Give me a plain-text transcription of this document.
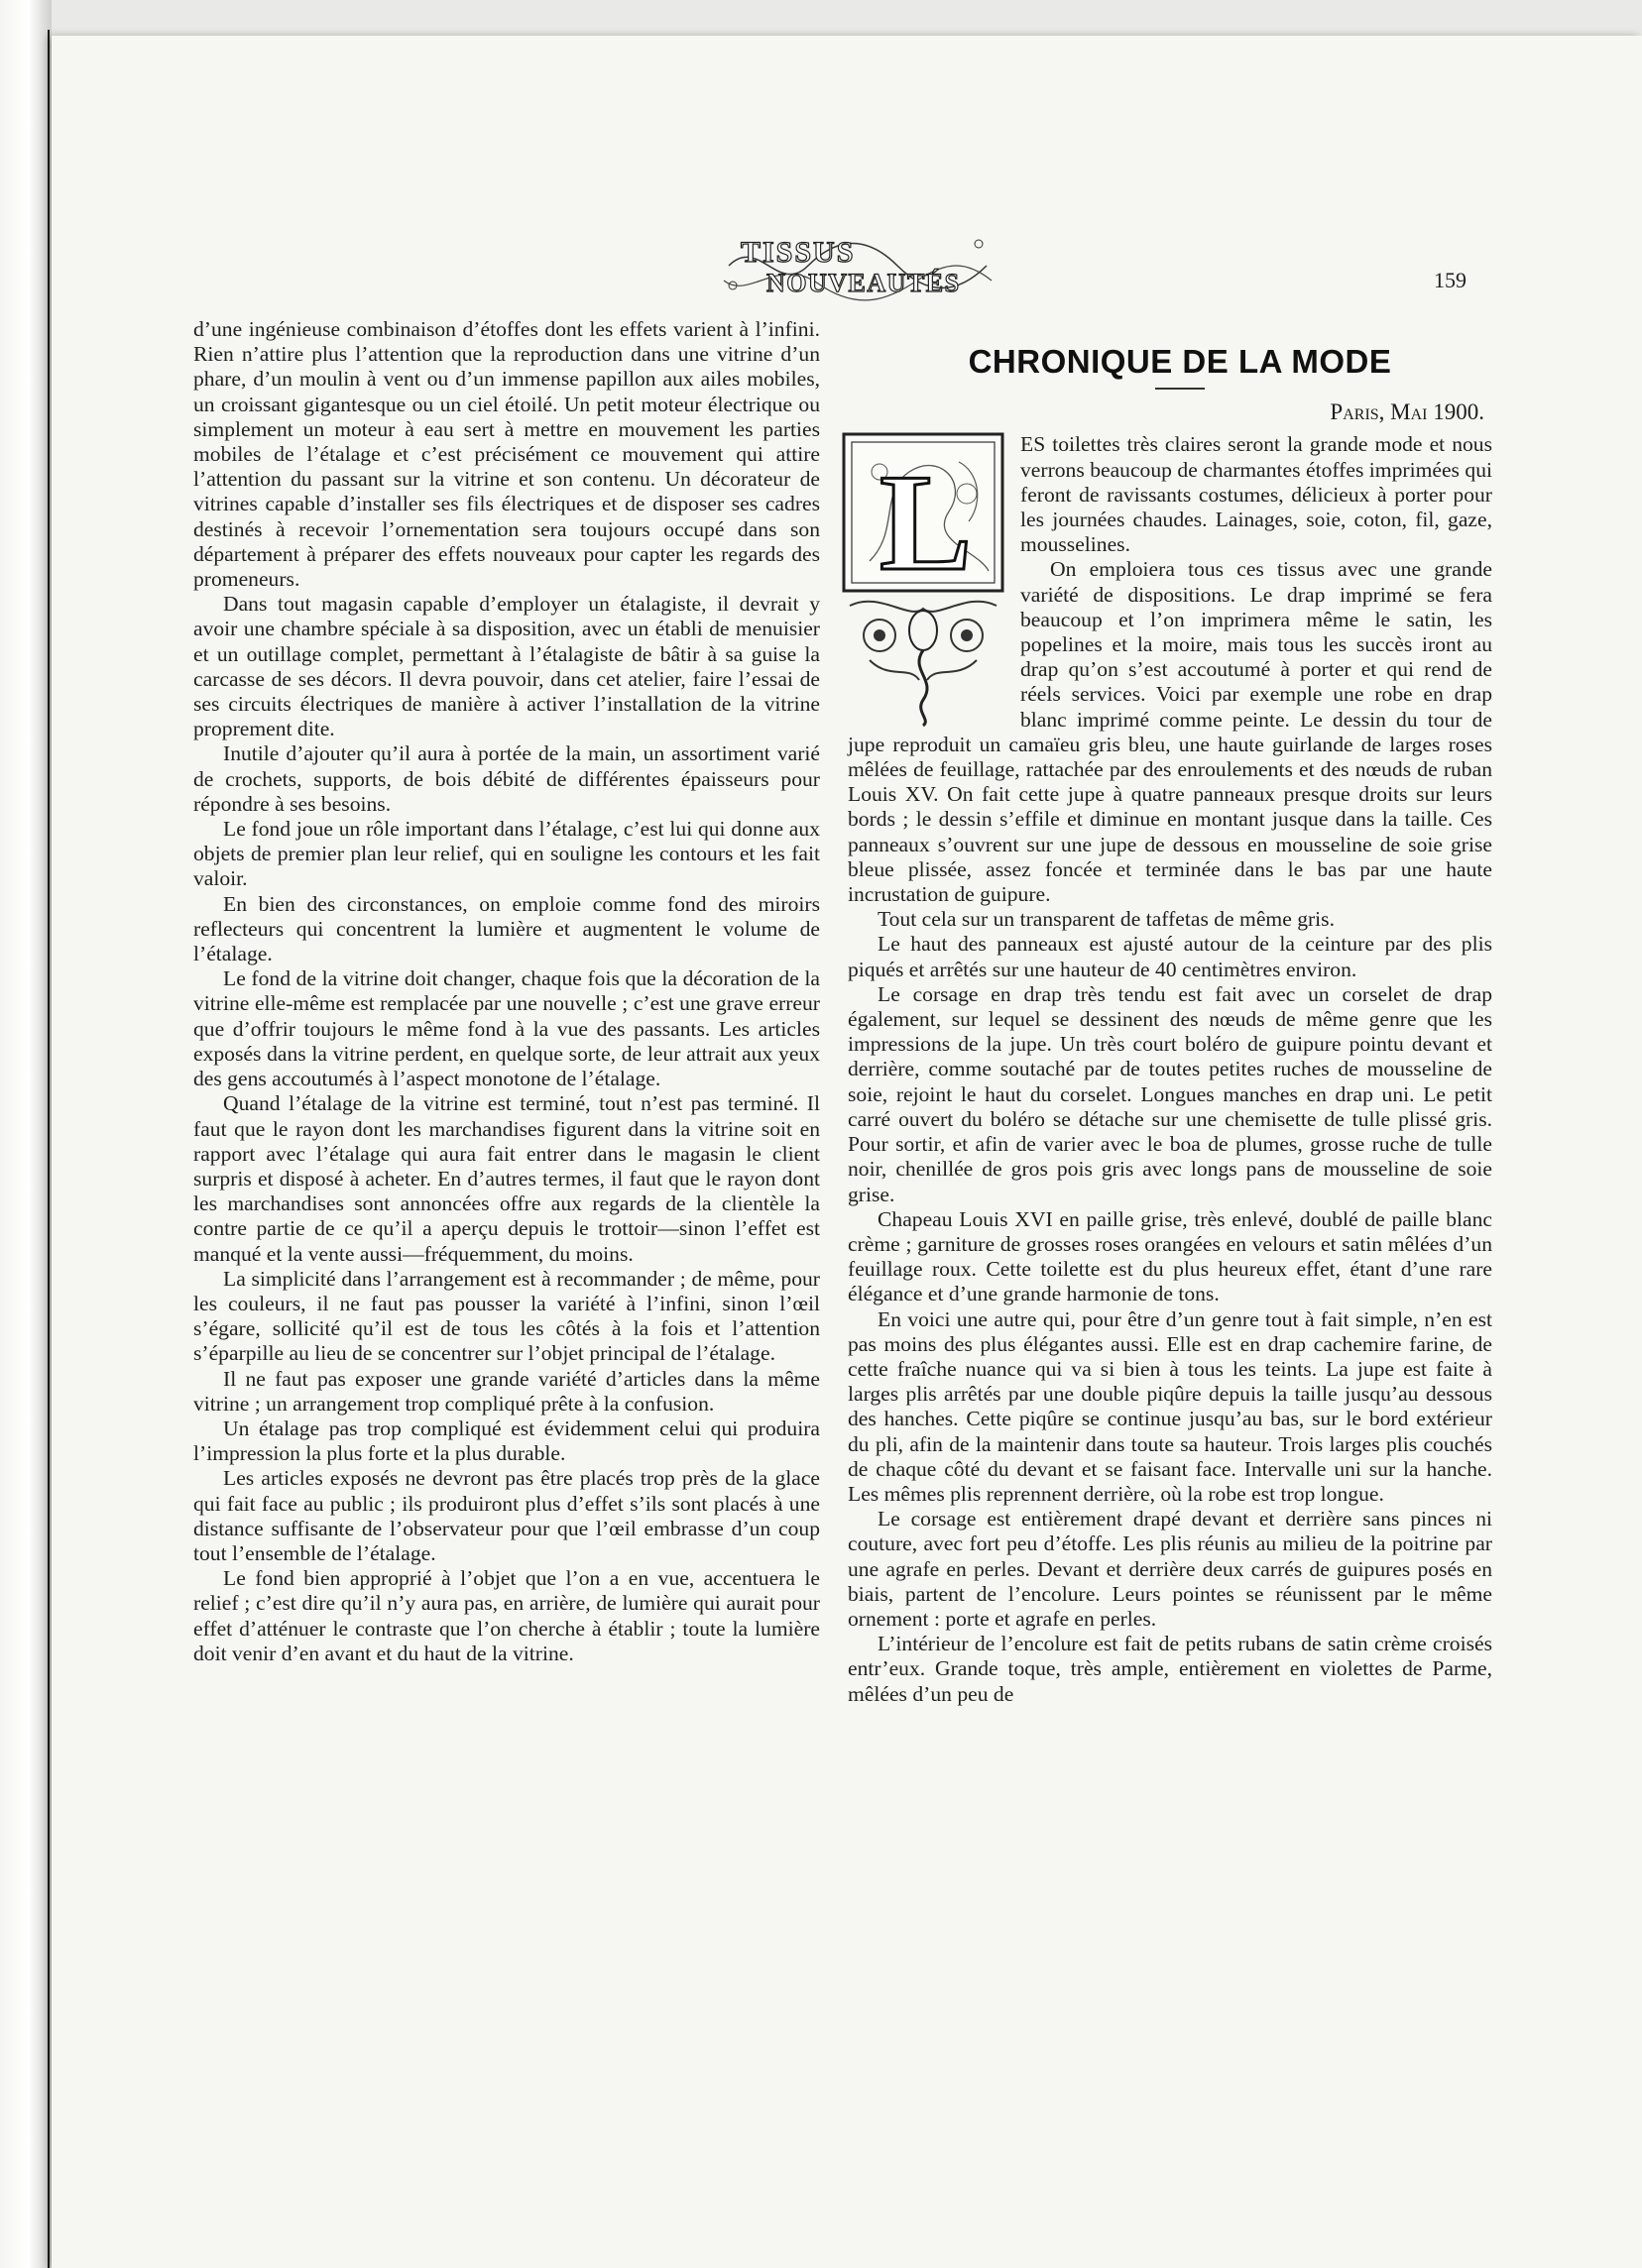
TISSUS
NOUVEAUTÉS	159

d’une ingénieuse combinaison d’étoffes dont les effets varient à l’infini. Rien n’attire plus l’attention que la reproduction dans une vitrine d’un phare, d’un moulin à vent ou d’un immense papillon aux ailes mobiles, un croissant gigantesque ou un ciel étoilé. Un petit moteur électrique ou simplement un moteur à eau sert à mettre en mouvement les parties mobiles de l’étalage et c’est précisément ce mouvement qui attire l’attention du passant sur la vitrine et son contenu. Un décorateur de vitrines capable d’installer ses fils électriques et de disposer ses cadres destinés à recevoir l’ornementation sera toujours occupé dans son département à préparer des effets nouveaux pour capter les regards des promeneurs.

Dans tout magasin capable d’employer un étalagiste, il devrait y avoir une chambre spéciale à sa disposition, avec un établi de menuisier et un outillage complet, permettant à l’étalagiste de bâtir à sa guise la carcasse de ses décors. Il devra pouvoir, dans cet atelier, faire l’essai de ses circuits électriques de manière à activer l’installation de la vitrine proprement dite.

Inutile d’ajouter qu’il aura à portée de la main, un assortiment varié de crochets, supports, de bois débité de différentes épaisseurs pour répondre à ses besoins.

Le fond joue un rôle important dans l’étalage, c’est lui qui donne aux objets de premier plan leur relief, qui en souligne les contours et les fait valoir.

En bien des circonstances, on emploie comme fond des miroirs reflecteurs qui concentrent la lumière et augmentent le volume de l’étalage.

Le fond de la vitrine doit changer, chaque fois que la décoration de la vitrine elle-même est remplacée par une nouvelle ; c’est une grave erreur que d’offrir toujours le même fond à la vue des passants. Les articles exposés dans la vitrine perdent, en quelque sorte, de leur attrait aux yeux des gens accoutumés à l’aspect monotone de l’étalage.

Quand l’étalage de la vitrine est terminé, tout n’est pas terminé. Il faut que le rayon dont les marchandises figurent dans la vitrine soit en rapport avec l’étalage qui aura fait entrer dans le magasin le client surpris et disposé à acheter. En d’autres termes, il faut que le rayon dont les marchandises sont annoncées offre aux regards de la clientèle la contre partie de ce qu’il a aperçu depuis le trottoir—sinon l’effet est manqué et la vente aussi—fréquemment, du moins.

La simplicité dans l’arrangement est à recommander ; de même, pour les couleurs, il ne faut pas pousser la variété à l’infini, sinon l’œil s’égare, sollicité qu’il est de tous les côtés à la fois et l’attention s’éparpille au lieu de se concentrer sur l’objet principal de l’étalage.

Il ne faut pas exposer une grande variété d’articles dans la même vitrine ; un arrangement trop compliqué prête à la confusion.

Un étalage pas trop compliqué est évidemment celui qui produira l’impression la plus forte et la plus durable.

Les articles exposés ne devront pas être placés trop près de la glace qui fait face au public ; ils produiront plus d’effet s’ils sont placés à une distance suffisante de l’observateur pour que l’œil embrasse d’un coup tout l’ensemble de l’étalage.

Le fond bien approprié à l’objet que l’on a en vue, accentuera le relief ; c’est dire qu’il n’y aura pas, en arrière, de lumière qui aurait pour effet d’atténuer le contraste que l’on cherche à établir ; toute la lumière doit venir d’en avant et du haut de la vitrine.

CHRONIQUE DE LA MODE
Paris, Mai 1900.
L

ES toilettes très claires seront la grande mode et nous verrons beaucoup de charmantes étoffes imprimées qui feront de ravissants costumes, délicieux à porter pour les journées chaudes. Lainages, soie, coton, fil, gaze, mousselines.

On emploiera tous ces tissus avec une grande variété de dispositions. Le drap imprimé se fera beaucoup et l’on imprimera même le satin, les popelines et la moire, mais tous les succès iront au drap qu’on s’est accoutumé à porter et qui rend de réels services. Voici par exemple une robe en drap blanc imprimé comme peinte. Le dessin du tour de jupe reproduit un camaïeu gris bleu, une haute guirlande de larges roses mêlées de feuillage, rattachée par des enroulements et des nœuds de ruban Louis XV. On fait cette jupe à quatre panneaux presque droits sur leurs bords ; le dessin s’effile et diminue en montant jusque dans la taille. Ces panneaux s’ouvrent sur une jupe de dessous en mousseline de soie grise bleue plissée, assez foncée et terminée dans le bas par une haute incrustation de guipure.

Tout cela sur un transparent de taffetas de même gris.

Le haut des panneaux est ajusté autour de la ceinture par des plis piqués et arrêtés sur une hauteur de 40 centimètres environ.

Le corsage en drap très tendu est fait avec un corselet de drap également, sur lequel se dessinent des nœuds de même genre que les impressions de la jupe. Un très court boléro de guipure pointu devant et derrière, comme soutaché par de toutes petites ruches de mousseline de soie, rejoint le haut du corselet. Longues manches en drap uni. Le petit carré ouvert du boléro se détache sur une chemisette de tulle plissé gris. Pour sortir, et afin de varier avec le boa de plumes, grosse ruche de tulle noir, chenillée de gros pois gris avec longs pans de mousseline de soie grise.

Chapeau Louis XVI en paille grise, très enlevé, doublé de paille blanc crème ; garniture de grosses roses orangées en velours et satin mêlées d’un feuillage roux. Cette toilette est du plus heureux effet, étant d’une rare élégance et d’une grande harmonie de tons.

En voici une autre qui, pour être d’un genre tout à fait simple, n’en est pas moins des plus élégantes aussi. Elle est en drap cachemire farine, de cette fraîche nuance qui va si bien à tous les teints. La jupe est faite à larges plis arrêtés par une double piqûre depuis la taille jusqu’au dessous des hanches. Cette piqûre se continue jusqu’au bas, sur le bord extérieur du pli, afin de la maintenir dans toute sa hauteur. Trois larges plis couchés de chaque côté du devant et se faisant face. Intervalle uni sur la hanche. Les mêmes plis reprennent derrière, où la robe est trop longue.

Le corsage est entièrement drapé devant et derrière sans pinces ni couture, avec fort peu d’étoffe. Les plis réunis au milieu de la poitrine par une agrafe en perles. Devant et derrière deux carrés de guipures posés en biais, partent de l’encolure. Leurs pointes se réunissent par le même ornement : porte et agrafe en perles.

L’intérieur de l’encolure est fait de petits rubans de satin crème croisés entr’eux. Grande toque, très ample, entièrement en violettes de Parme, mêlées d’un peu de
